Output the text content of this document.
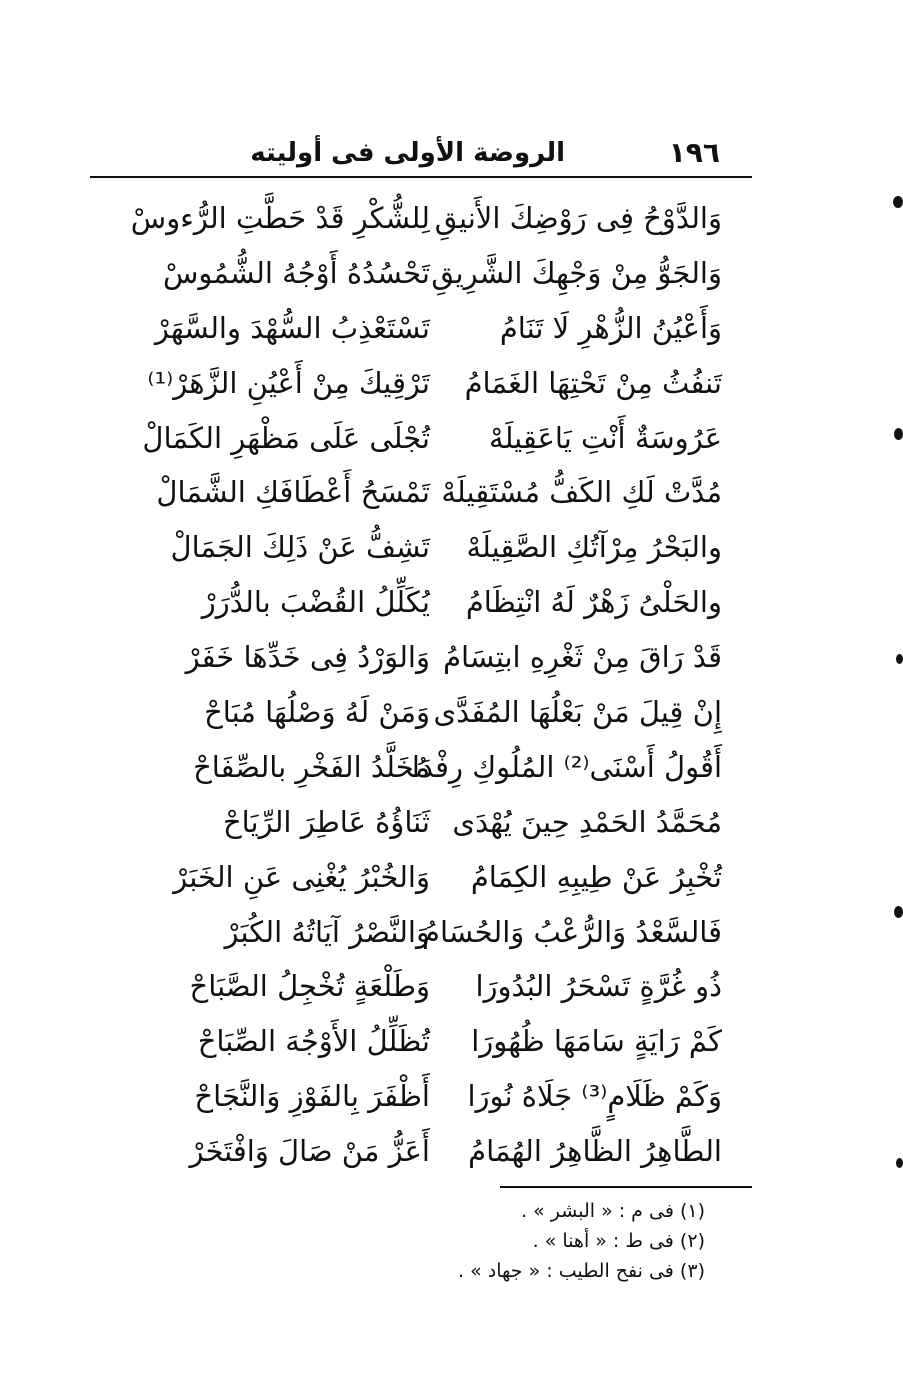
١٩٦
الروضة الأولى فى أوليته
وَالدَّوْحُ فِى رَوْضِكَ الأَنيقِ
لِلشُّكْرِ قَدْ حَطَّتِ الرُّءوسْ
وَالجَوُّ مِنْ وَجْهِكَ الشَّرِيقِ
تَحْسُدُهُ أَوْجُهُ الشُّمُوسْ
وَأَعْيُنُ الزُّهْرِ لَا تَنَامُ
تَسْتَعْذِبُ السُّهْدَ والسَّهَرْ
تَنفُثُ مِنْ تَحْتِهَا الغَمَامُ
تَرْقِيكَ مِنْ أَعْيُنِ الزَّهَرْ⁽¹⁾
عَرُوسَةٌ أَنْتِ يَاعَقِيلَهْ
تُجْلَى عَلَى مَظْهَرِ الكَمَالْ
مُدَّتْ لَكِ الكَفُّ مُسْتَقِيلَهْ
تَمْسَحُ أَعْطَافَكِ الشَّمَالْ
والبَحْرُ مِرْآتُكِ الصَّقِيلَهْ
تَشِفُّ عَنْ ذَلِكَ الجَمَالْ
والحَلْىُ زَهْرٌ لَهُ انْتِظَامُ
يُكَلِّلُ القُضْبَ بالدُّرَرْ
قَدْ رَاقَ مِنْ ثَغْرِهِ ابتِسَامُ
وَالوَرْدُ فِى خَدِّهَا خَفَرْ
إِنْ قِيلَ مَنْ بَعْلُهَا المُفَدَّى
وَمَنْ لَهُ وَصْلُهَا مُبَاحْ
أَقُولُ أَسْنَى⁽²⁾ المُلُوكِ رِفْدَا
مُخَلَّدُ الفَخْرِ بالصِّفَاحْ
مُحَمَّدُ الحَمْدِ حِينَ يُهْدَى
ثَنَاؤُهُ عَاطِرَ الرِّيَاحْ
تُخْبِرُ عَنْ طِيبِهِ الكِمَامُ
وَالخُبْرُ يُغْنِى عَنِ الخَبَرْ
فَالسَّعْدُ وَالرُّعْبُ وَالحُسَامُ
وَالنَّصْرُ آيَاتُهُ الكُبَرْ
ذُو غُرَّةٍ تَسْحَرُ البُدُورَا
وَطَلْعَةٍ تُخْجِلُ الصَّبَاحْ
كَمْ رَايَةٍ سَامَهَا ظُهُورَا
تُظَلِّلُ الأَوْجُهَ الصِّبَاحْ
وَكَمْ ظَلَامٍ⁽³⁾ جَلَاهُ نُورَا
أَظْفَرَ بِالفَوْزِ وَالنَّجَاحْ
الطَّاهِرُ الظَّاهِرُ الهُمَامُ
أَعَزُّ مَنْ صَالَ وَافْتَخَرْ
(١) فى م : « البشر » .
(٢) فى ط : « أهنا » .
(٣) فى نفح الطيب : « جهاد » .
